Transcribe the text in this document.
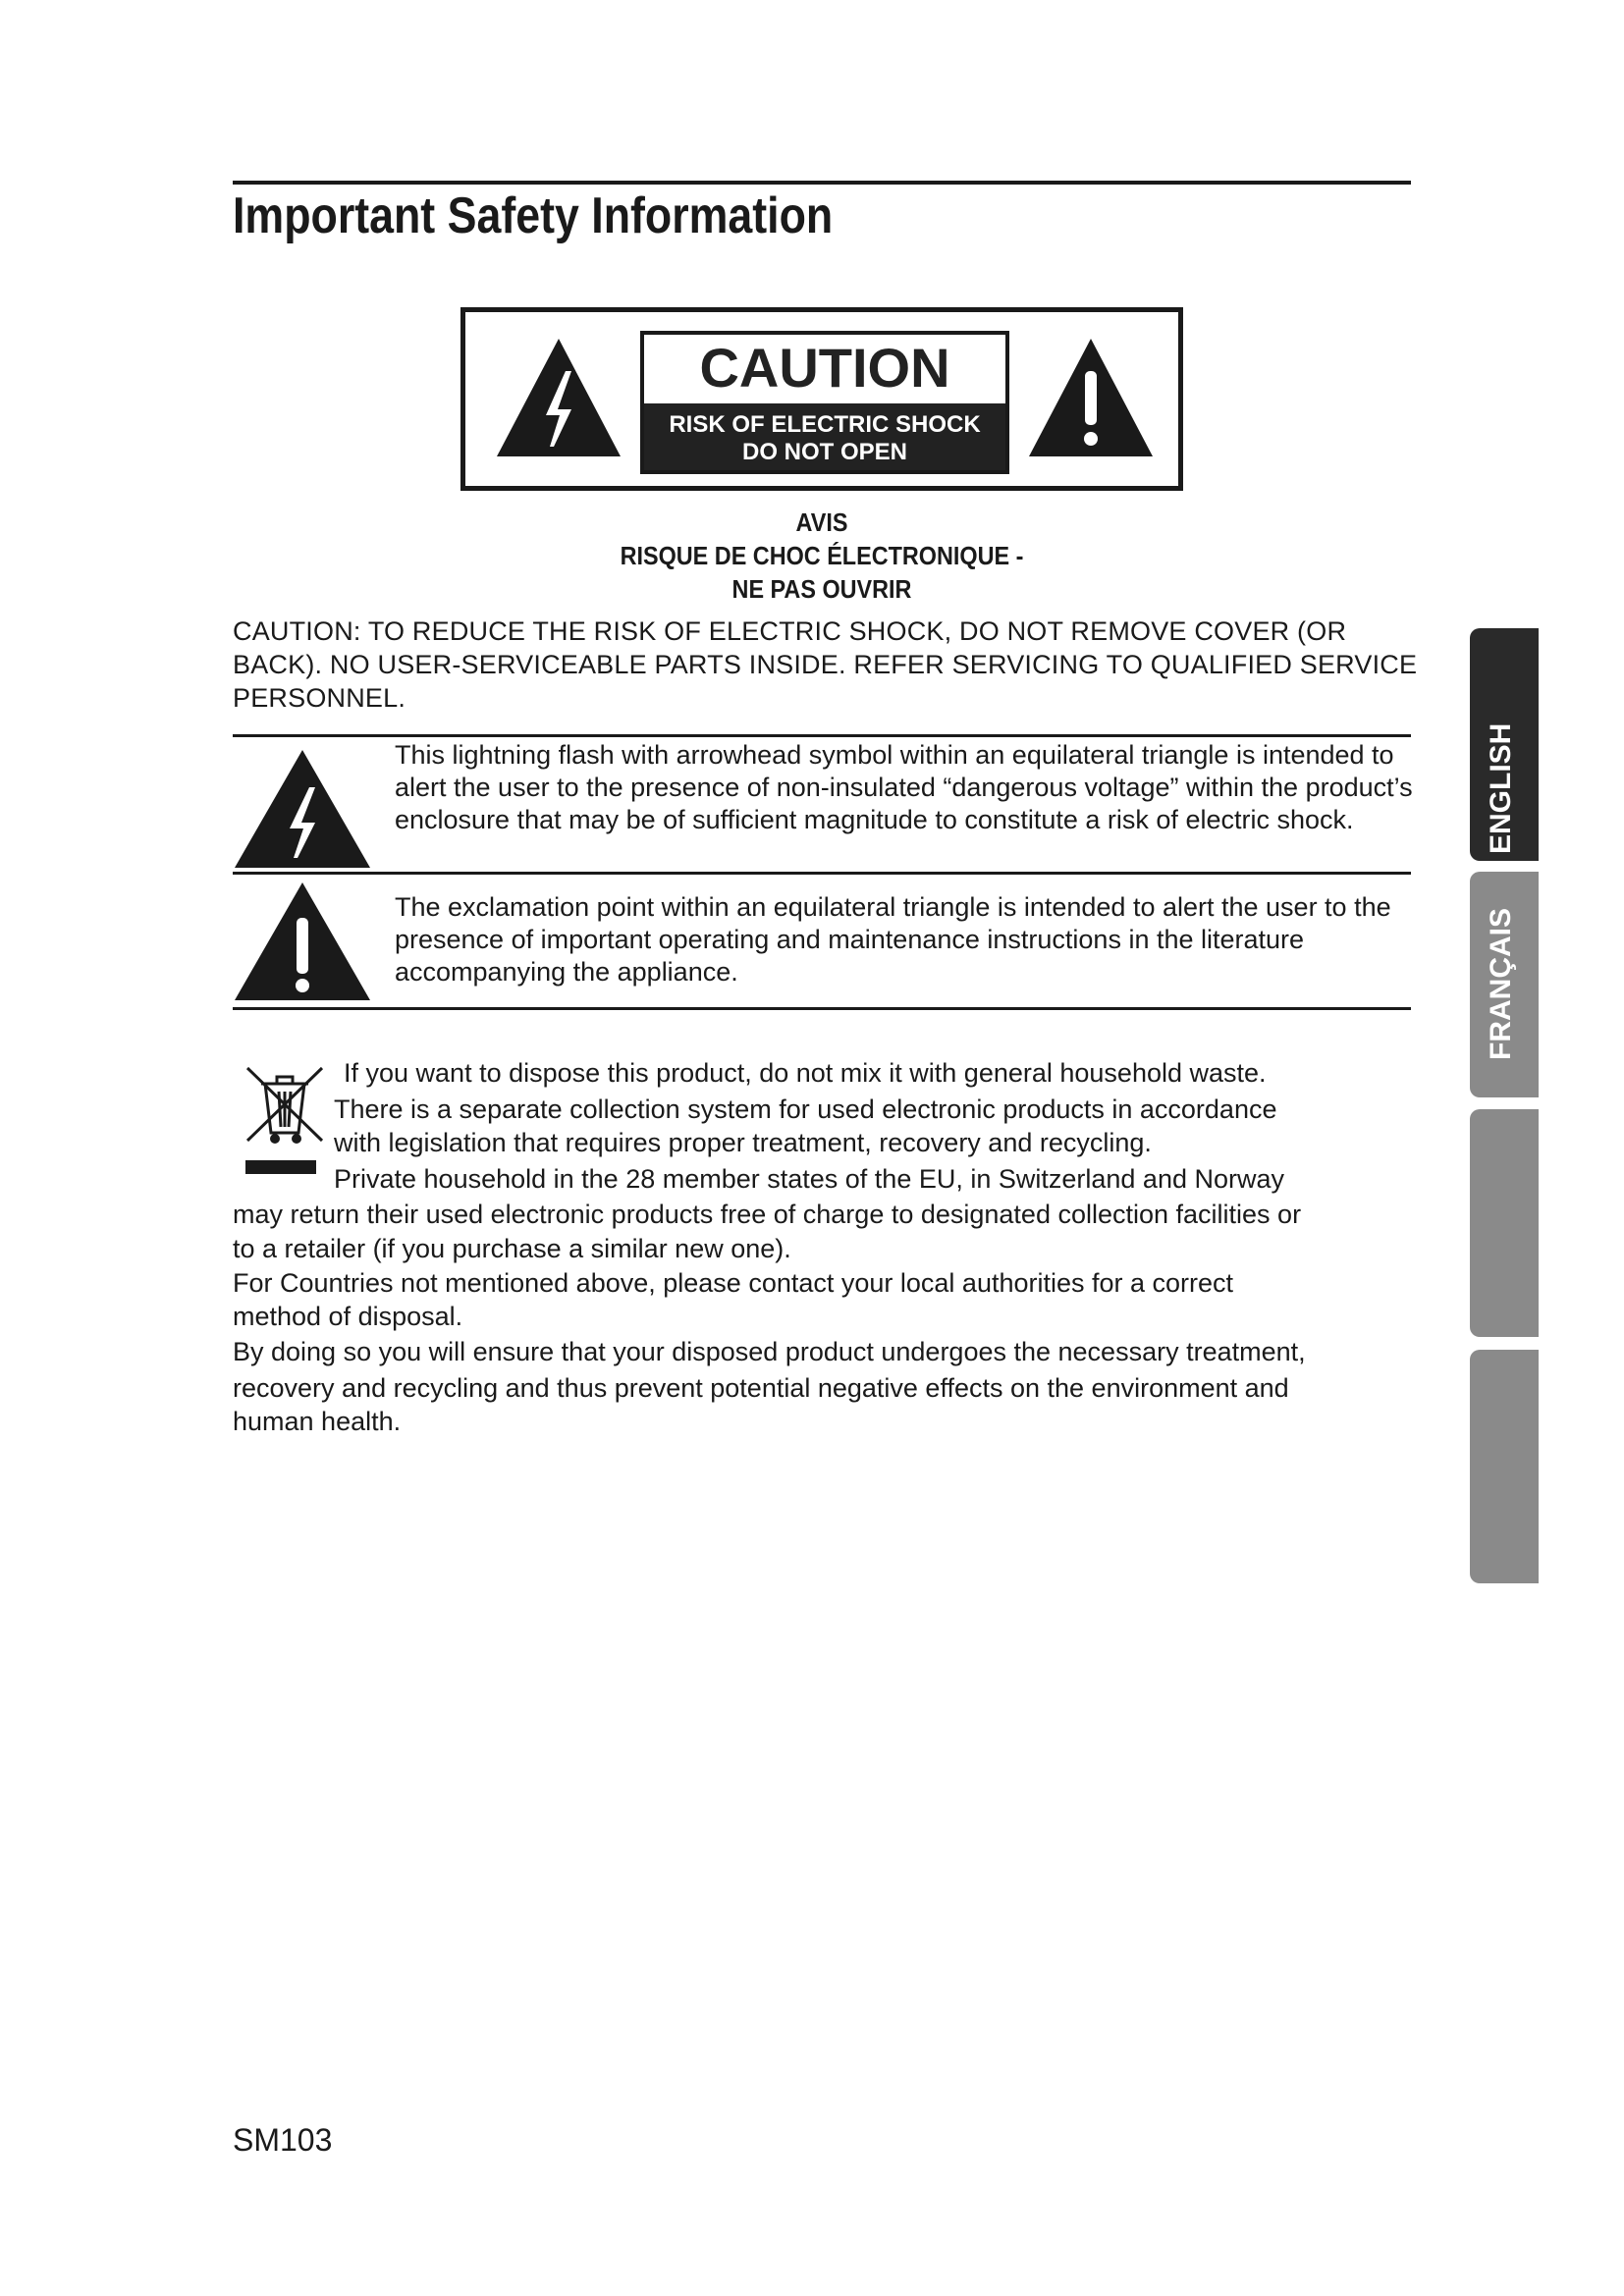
Important Safety Information
CAUTION
RISK OF ELECTRIC SHOCK
DO NOT OPEN
AVIS
RISQUE DE CHOC ÉLECTRONIQUE -
NE PAS OUVRIR
CAUTION: TO REDUCE THE RISK OF ELECTRIC SHOCK, DO NOT REMOVE COVER (OR BACK). NO USER-SERVICEABLE PARTS INSIDE. REFER SERVICING TO QUALIFIED SERVICE PERSONNEL.
This lightning flash with arrowhead symbol within an equilateral triangle is intended to alert the user to the presence of non-insulated “dangerous voltage” within the product’s enclosure that may be of sufficient magnitude to constitute a risk of electric shock.
The exclamation point within an equilateral triangle is intended to alert the user to the presence of important operating and maintenance instructions in the literature accompanying the appliance.
If you want to dispose this product, do not mix it with general household waste.
There is a separate collection system for used electronic products in accordance
with legislation that requires proper treatment, recovery and recycling.
Private household in the 28 member states of the EU, in Switzerland and Norway
may return their used electronic products free of charge to designated collection facilities or
to a retailer (if you purchase a similar new one).
For Countries not mentioned above, please contact your local authorities for a correct
method of disposal.
By doing so you will ensure that your disposed product undergoes the necessary treatment,
recovery and recycling and thus prevent potential negative effects on the environment and
human health.
ENGLISH
FRANÇAIS
SM103
